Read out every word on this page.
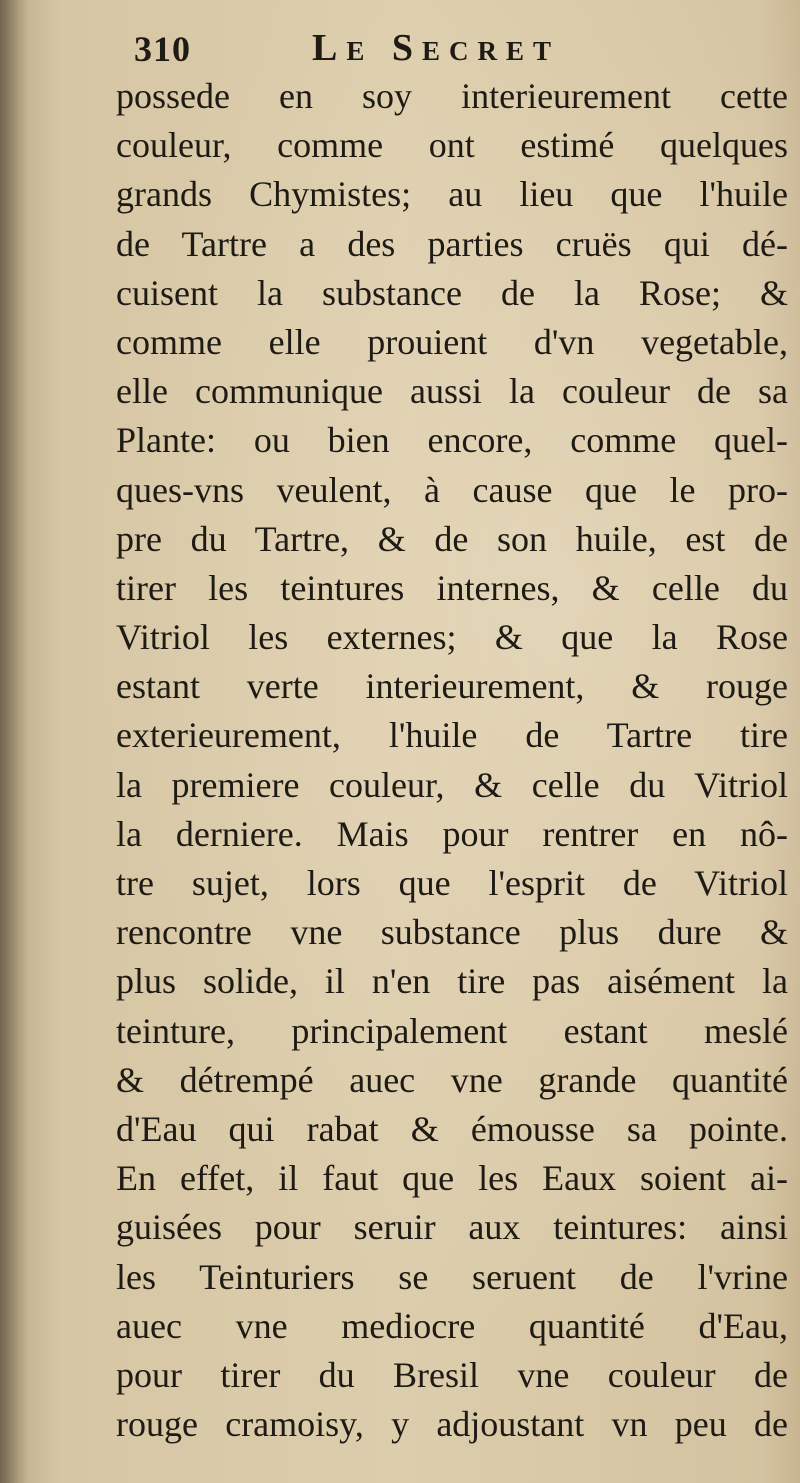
310	Le Secret
possede en soy interieurement cette
couleur, comme ont estimé quelques
grands Chymistes; au lieu que l'huile
de Tartre a des parties cruës qui dé-
cuisent la substance de la Rose; &
comme elle prouient d'vn vegetable,
elle communique aussi la couleur de sa
Plante: ou bien encore, comme quel-
ques-vns veulent, à cause que le pro-
pre du Tartre, & de son huile, est de
tirer les teintures internes, & celle du
Vitriol les externes; & que la Rose
estant verte interieurement, & rouge
exterieurement, l'huile de Tartre tire
la premiere couleur, & celle du Vitriol
la derniere. Mais pour rentrer en nô-
tre sujet, lors que l'esprit de Vitriol
rencontre vne substance plus dure &
plus solide, il n'en tire pas aisément la
teinture, principalement estant meslé
& détrempé auec vne grande quantité
d'Eau qui rabat & émousse sa pointe.
En effet, il faut que les Eaux soient ai-
guisées pour seruir aux teintures: ainsi
les Teinturiers se seruent de l'vrine
auec vne mediocre quantité d'Eau,
pour tirer du Bresil vne couleur de
rouge cramoisy, y adjoustant vn peu de
